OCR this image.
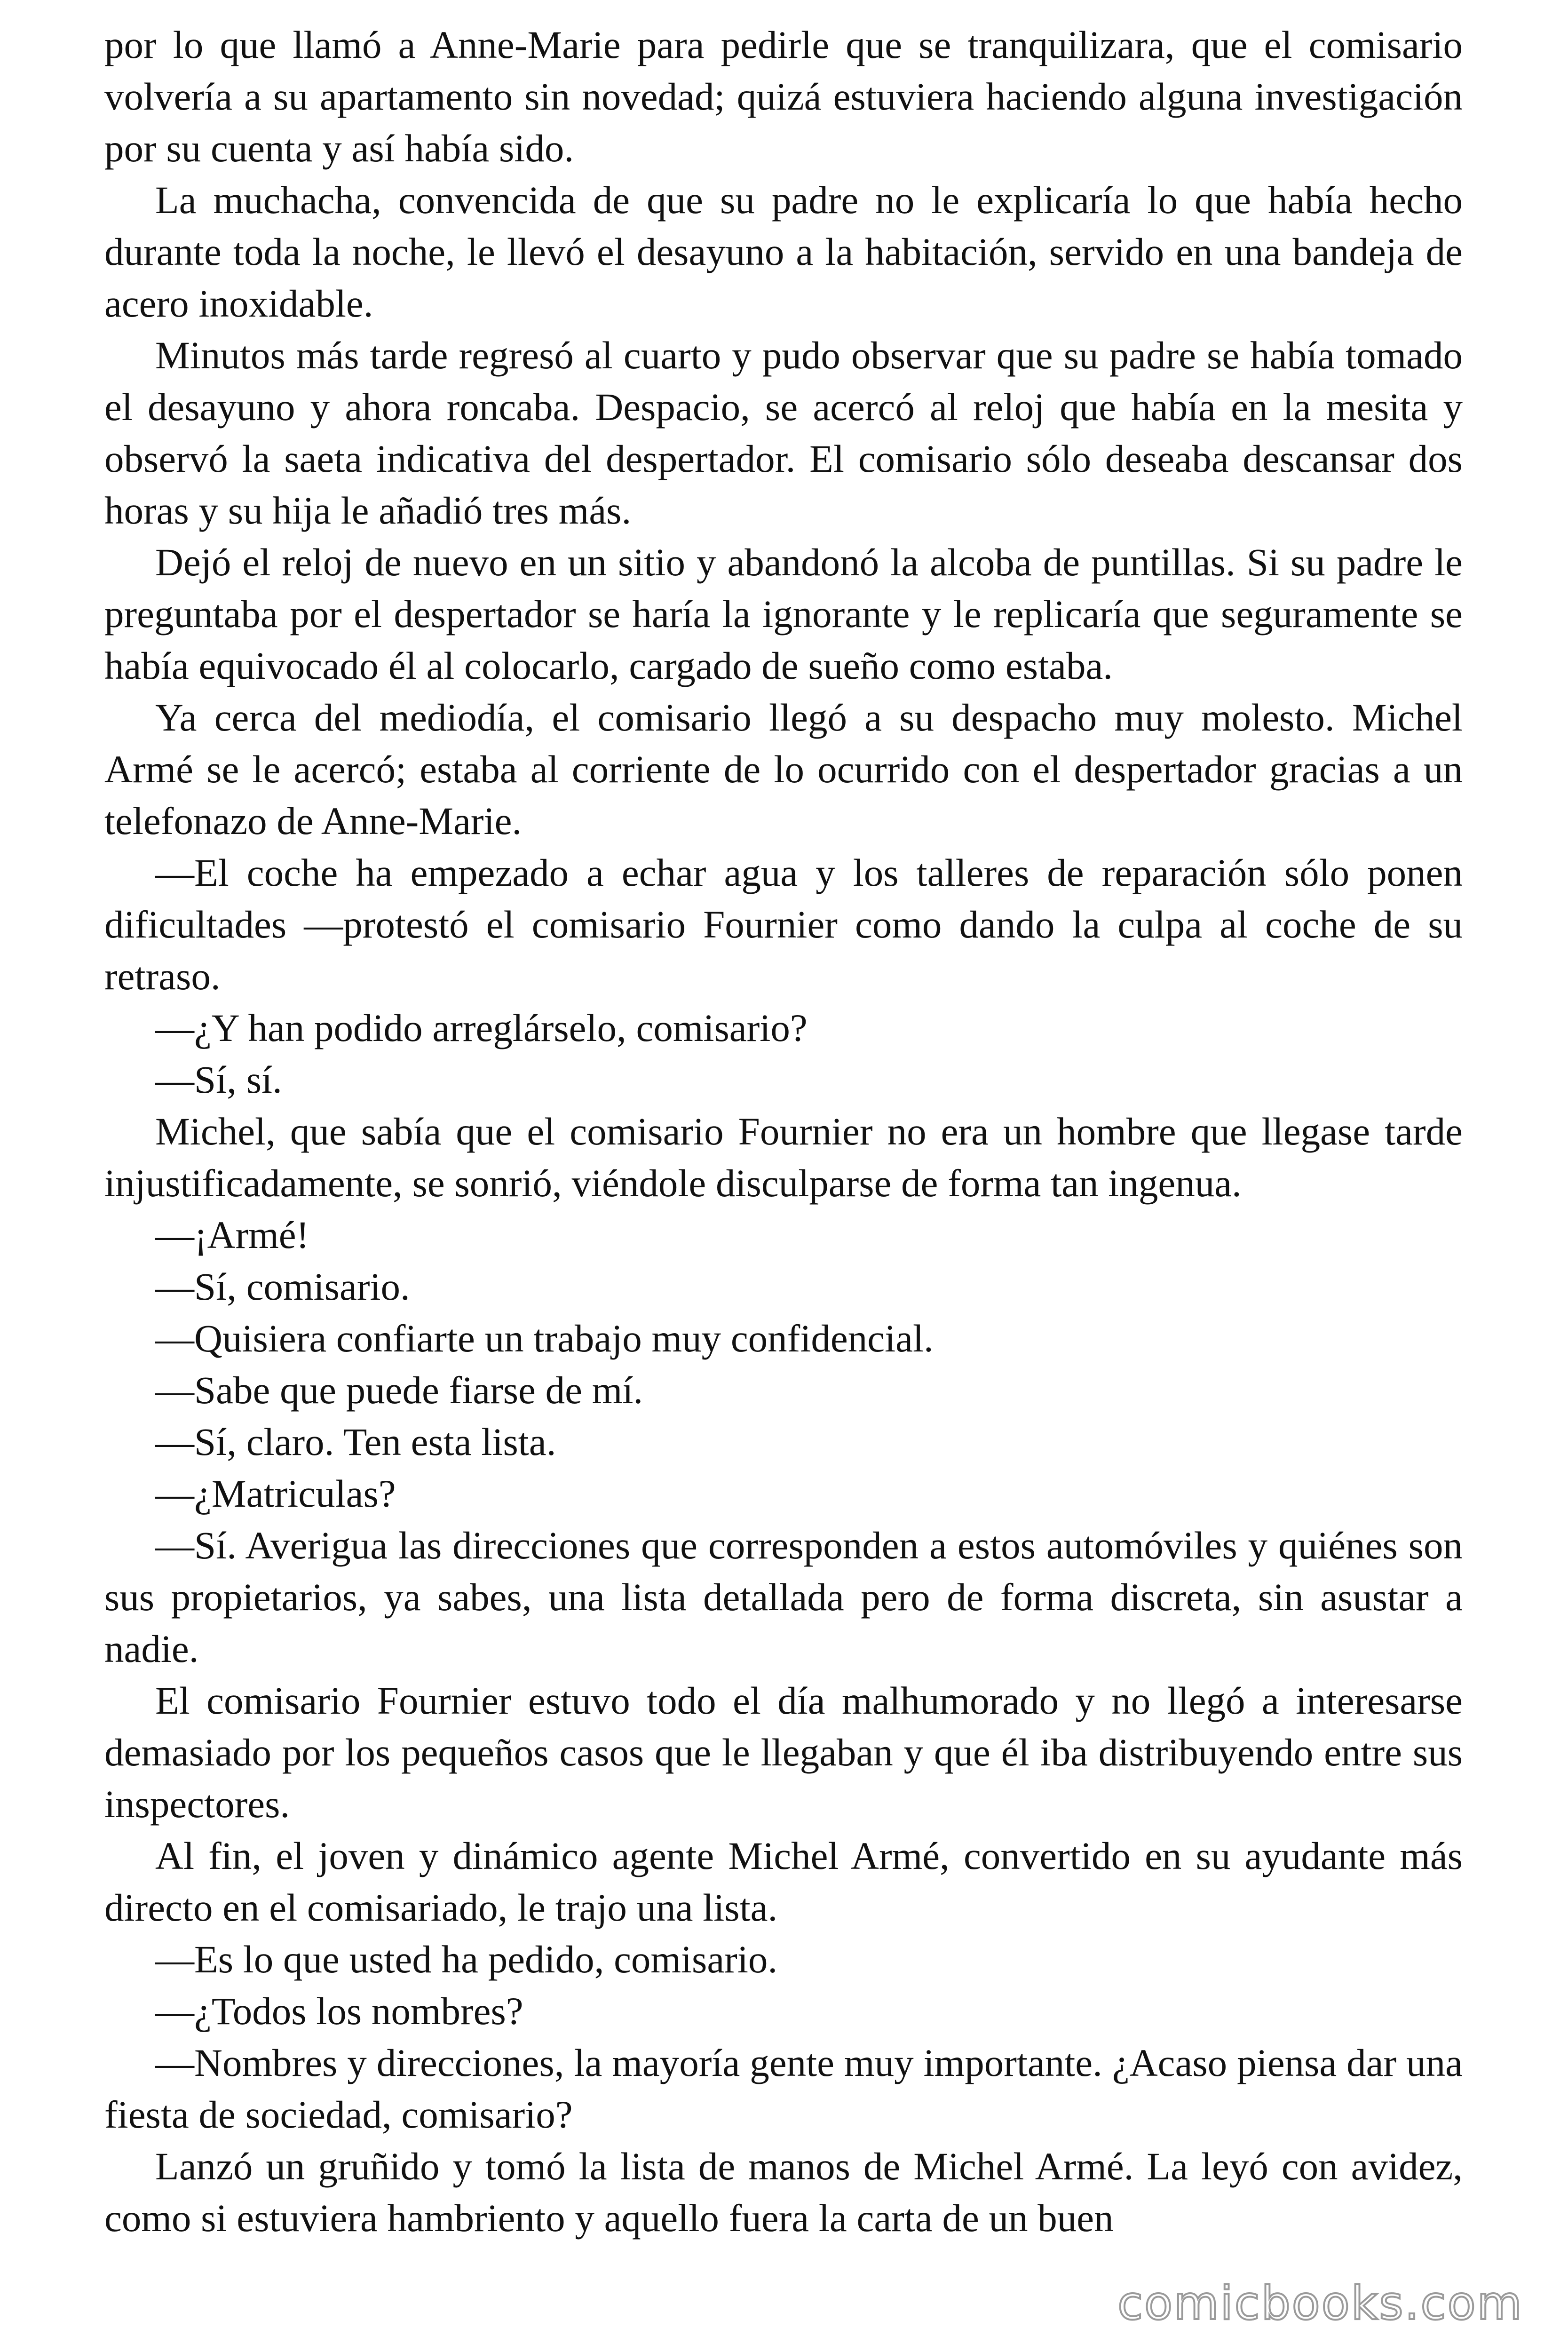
por lo que llamó a Anne-Marie para pedirle que se tranquilizara, que el comisario volvería a su apartamento sin novedad; quizá estuviera haciendo alguna investigación por su cuenta y así había sido.

La muchacha, convencida de que su padre no le explicaría lo que había hecho durante toda la noche, le llevó el desayuno a la habitación, servido en una bandeja de acero inoxidable.

Minutos más tarde regresó al cuarto y pudo observar que su padre se había tomado el desayuno y ahora roncaba. Despacio, se acercó al reloj que había en la mesita y observó la saeta indicativa del despertador. El comisario sólo deseaba descansar dos horas y su hija le añadió tres más.

Dejó el reloj de nuevo en un sitio y abandonó la alcoba de puntillas. Si su padre le preguntaba por el despertador se haría la ignorante y le replicaría que seguramente se había equivocado él al colocarlo, cargado de sueño como estaba.

Ya cerca del mediodía, el comisario llegó a su despacho muy molesto. Michel Armé se le acercó; estaba al corriente de lo ocurrido con el despertador gracias a un telefonazo de Anne-Marie.

—El coche ha empezado a echar agua y los talleres de reparación sólo ponen dificultades —protestó el comisario Fournier como dando la culpa al coche de su retraso.

—¿Y han podido arreglárselo, comisario?

—Sí, sí.

Michel, que sabía que el comisario Fournier no era un hombre que llegase tarde injustificadamente, se sonrió, viéndole disculparse de forma tan ingenua.

—¡Armé!

—Sí, comisario.

—Quisiera confiarte un trabajo muy confidencial.

—Sabe que puede fiarse de mí.

—Sí, claro. Ten esta lista.

—¿Matriculas?

—Sí. Averigua las direcciones que corresponden a estos automóviles y quiénes son sus propietarios, ya sabes, una lista detallada pero de forma discreta, sin asustar a nadie.

El comisario Fournier estuvo todo el día malhumorado y no llegó a interesarse demasiado por los pequeños casos que le llegaban y que él iba distribuyendo entre sus inspectores.

Al fin, el joven y dinámico agente Michel Armé, convertido en su ayudante más directo en el comisariado, le trajo una lista.

—Es lo que usted ha pedido, comisario.

—¿Todos los nombres?

—Nombres y direcciones, la mayoría gente muy importante. ¿Acaso piensa dar una fiesta de sociedad, comisario?

Lanzó un gruñido y tomó la lista de manos de Michel Armé. La leyó con avidez, como si estuviera hambriento y aquello fuera la carta de un buen

comicbooks.com
